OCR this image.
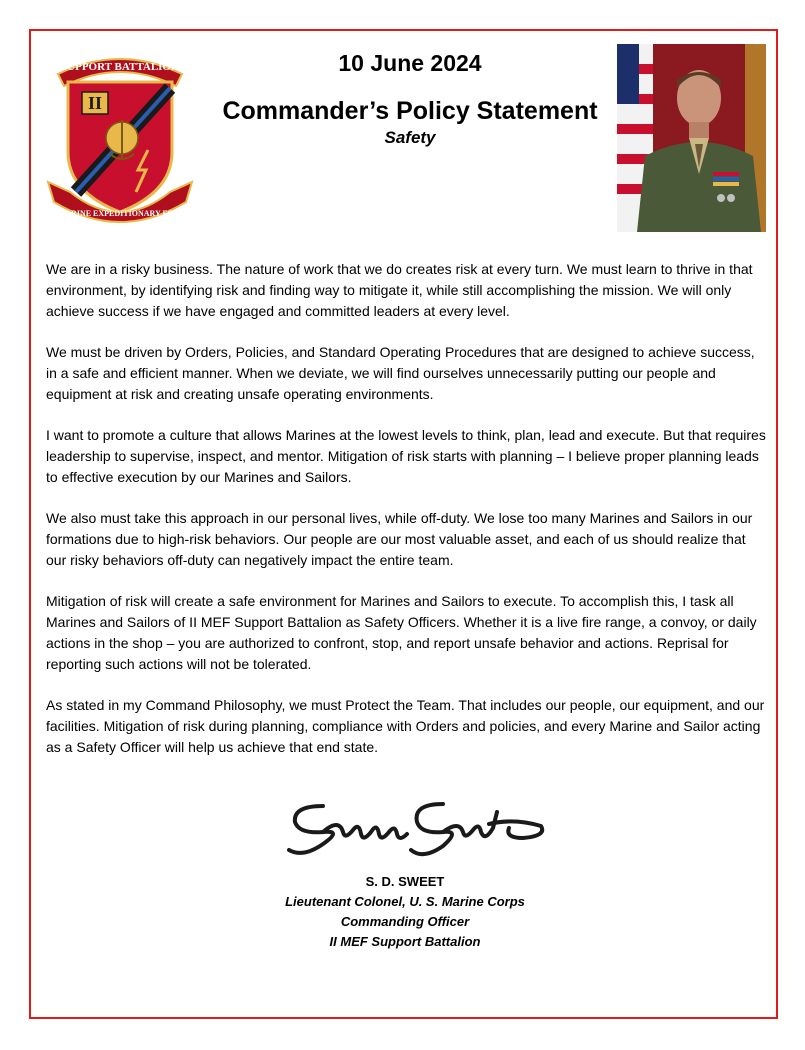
SUPPORT BATTALION
II
II MARINE EXPEDITIONARY FORCE
10 June 2024
Commander’s Policy Statement
Safety

We are in a risky business. The nature of work that we do creates risk at every turn. We must learn to thrive in that environment, by identifying risk and finding way to mitigate it, while still accomplishing the mission. We will only achieve success if we have engaged and committed leaders at every level.

We must be driven by Orders, Policies, and Standard Operating Procedures that are designed to achieve success, in a safe and efficient manner. When we deviate, we will find ourselves unnecessarily putting our people and equipment at risk and creating unsafe operating environments.

I want to promote a culture that allows Marines at the lowest levels to think, plan, lead and execute. But that requires leadership to supervise, inspect, and mentor. Mitigation of risk starts with planning – I believe proper planning leads to effective execution by our Marines and Sailors.

We also must take this approach in our personal lives, while off-duty. We lose too many Marines and Sailors in our formations due to high-risk behaviors. Our people are our most valuable asset, and each of us should realize that our risky behaviors off-duty can negatively impact the entire team.

Mitigation of risk will create a safe environment for Marines and Sailors to execute. To accomplish this, I task all Marines and Sailors of II MEF Support Battalion as Safety Officers. Whether it is a live fire range, a convoy, or daily actions in the shop – you are authorized to confront, stop, and report unsafe behavior and actions. Reprisal for reporting such actions will not be tolerated.

As stated in my Command Philosophy, we must Protect the Team. That includes our people, our equipment, and our facilities. Mitigation of risk during planning, compliance with Orders and policies, and every Marine and Sailor acting as a Safety Officer will help us achieve that end state.

S. D. SWEET
Lieutenant Colonel, U. S. Marine Corps
Commanding Officer
II MEF Support Battalion
